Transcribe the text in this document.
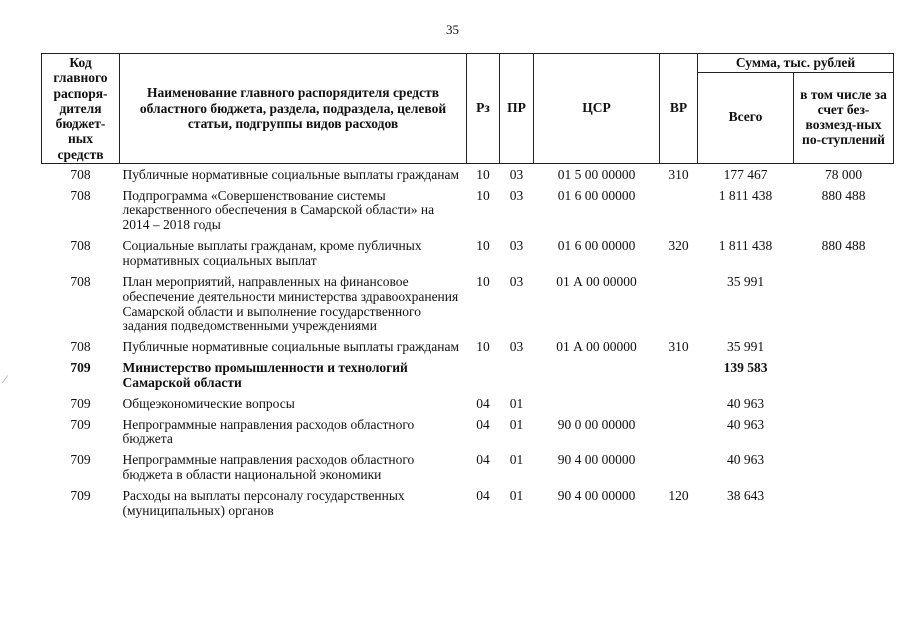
35
Код главного распоря-дителя бюджет-ных средств	Наименование главного распорядителя средств областного бюджета, раздела, подраздела, целевой статьи, подгруппы видов расходов	Рз	ПР	ЦСР	ВР	Сумма, тыс. рублей	
						Всего	в том числе за счет без-возмезд-ных по-ступлений
708	Публичные нормативные социальные выплаты гражданам	10	03	01 5 00 00000	310	177 467	78 000
708	Подпрограмма «Совершенствование системы лекарственного обеспечения в Самарской области» на 2014 – 2018 годы	10	03	01 6 00 00000		1 811 438	880 488
708	Социальные выплаты гражданам, кроме публичных нормативных социальных выплат	10	03	01 6 00 00000	320	1 811 438	880 488
708	План мероприятий, направленных на финансовое обеспечение деятельности министерства здравоохранения Самарской области и выполнение государственного задания подведомственными учреждениями	10	03	01 А 00 00000		35 991	
708	Публичные нормативные социальные выплаты гражданам	10	03	01 А 00 00000	310	35 991	
709	Министерство промышленности и технологий Самарской области					139 583	
709	Общеэкономические вопросы	04	01			40 963	
709	Непрограммные направления расходов областного бюджета	04	01	90 0 00 00000		40 963	
709	Непрограммные направления расходов областного бюджета в области национальной экономики	04	01	90 4 00 00000		40 963	
709	Расходы на выплаты персоналу государственных (муниципальных) органов	04	01	90 4 00 00000	120	38 643	
⁄
